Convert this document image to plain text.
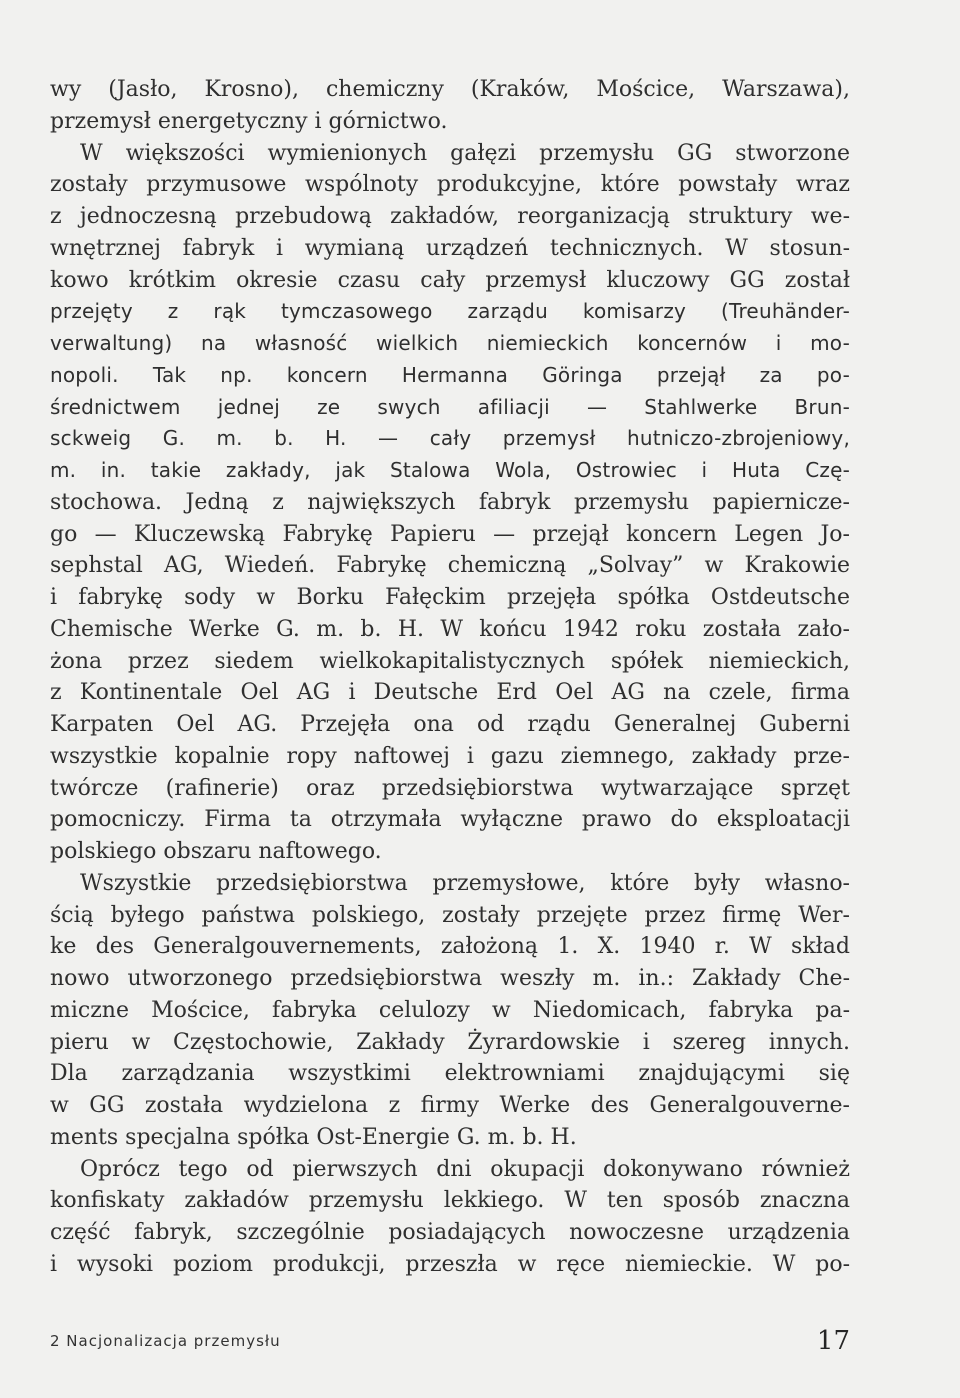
wy (Jasło, Krosno), chemiczny (Kraków, Mościce, Warszawa),
przemysł energetyczny i górnictwo.
W większości wymienionych gałęzi przemysłu GG stworzone
zostały przymusowe wspólnoty produkcyjne, które powstały wraz
z jednoczesną przebudową zakładów, reorganizacją struktury we-
wnętrznej fabryk i wymianą urządzeń technicznych. W stosun-
kowo krótkim okresie czasu cały przemysł kluczowy GG został
przejęty z rąk tymczasowego zarządu komisarzy (Treuhänder-
verwaltung) na własność wielkich niemieckich koncernów i mo-
nopoli. Tak np. koncern Hermanna Göringa przejął za po-
średnictwem jednej ze swych afiliacji — Stahlwerke Brun-
sckweig G. m. b. H. — cały przemysł hutniczo-zbrojeniowy,
m. in. takie zakłady, jak Stalowa Wola, Ostrowiec i Huta Czę-
stochowa. Jedną z największych fabryk przemysłu papiernicze-
go — Kluczewską Fabrykę Papieru — przejął koncern Legen Jo-
sephstal AG, Wiedeń. Fabrykę chemiczną „Solvay” w Krakowie
i fabrykę sody w Borku Fałęckim przejęła spółka Ostdeutsche
Chemische Werke G. m. b. H. W końcu 1942 roku została zało-
żona przez siedem wielkokapitalistycznych spółek niemieckich,
z Kontinentale Oel AG i Deutsche Erd Oel AG na czele, firma
Karpaten Oel AG. Przejęła ona od rządu Generalnej Guberni
wszystkie kopalnie ropy naftowej i gazu ziemnego, zakłady prze-
twórcze (rafinerie) oraz przedsiębiorstwa wytwarzające sprzęt
pomocniczy. Firma ta otrzymała wyłączne prawo do eksploatacji
polskiego obszaru naftowego.
Wszystkie przedsiębiorstwa przemysłowe, które były własno-
ścią byłego państwa polskiego, zostały przejęte przez firmę Wer-
ke des Generalgouvernements, założoną 1. X. 1940 r. W skład
nowo utworzonego przedsiębiorstwa weszły m. in.: Zakłady Che-
miczne Mościce, fabryka celulozy w Niedomicach, fabryka pa-
pieru w Częstochowie, Zakłady Żyrardowskie i szereg innych.
Dla zarządzania wszystkimi elektrowniami znajdującymi się
w GG została wydzielona z firmy Werke des Generalgouverne-
ments specjalna spółka Ost-Energie G. m. b. H.
Oprócz tego od pierwszych dni okupacji dokonywano również
konfiskaty zakładów przemysłu lekkiego. W ten sposób znaczna
część fabryk, szczególnie posiadających nowoczesne urządzenia
i wysoki poziom produkcji, przeszła w ręce niemieckie. W po-
2 Nacjonalizacja przemysłu	17
